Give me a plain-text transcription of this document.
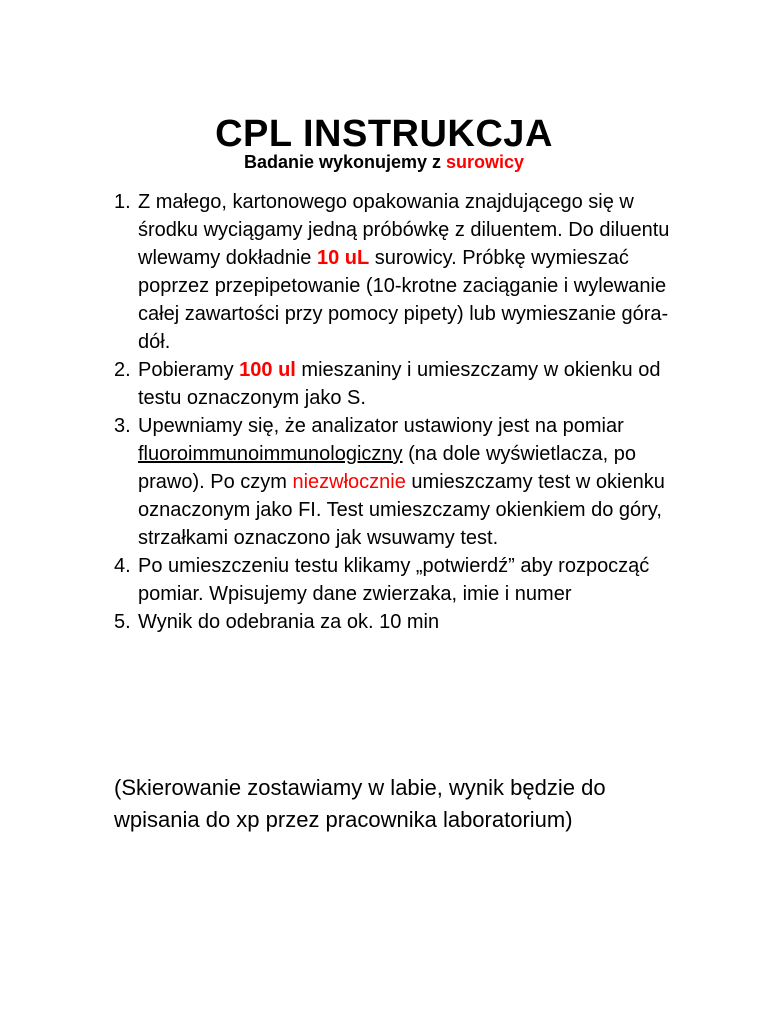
CPL INSTRUKCJA
Badanie wykonujemy z surowicy
1. Z małego, kartonowego opakowania znajdującego się w środku wyciągamy jedną próbówkę z diluentem. Do diluentu wlewamy dokładnie 10 uL surowicy. Próbkę wymieszać poprzez przepipetowanie (10-krotne zaciąganie i wylewanie całej zawartości przy pomocy pipety) lub wymieszanie góra-dół.
2. Pobieramy 100 ul mieszaniny i umieszczamy w okienku od testu oznaczonym jako S.
3. Upewniamy się, że analizator ustawiony jest na pomiar fluoroimmunoimmunologiczny (na dole wyświetlacza, po prawo). Po czym niezwłocznie umieszczamy test w okienku oznaczonym jako FI. Test umieszczamy okienkiem do góry, strzałkami oznaczono jak wsuwamy test.
4. Po umieszczeniu testu klikamy „potwierdź” aby rozpocząć pomiar. Wpisujemy dane zwierzaka, imie i numer
5. Wynik do odebrania za ok. 10 min

(Skierowanie zostawiamy w labie, wynik będzie do wpisania do xp przez pracownika laboratorium)
